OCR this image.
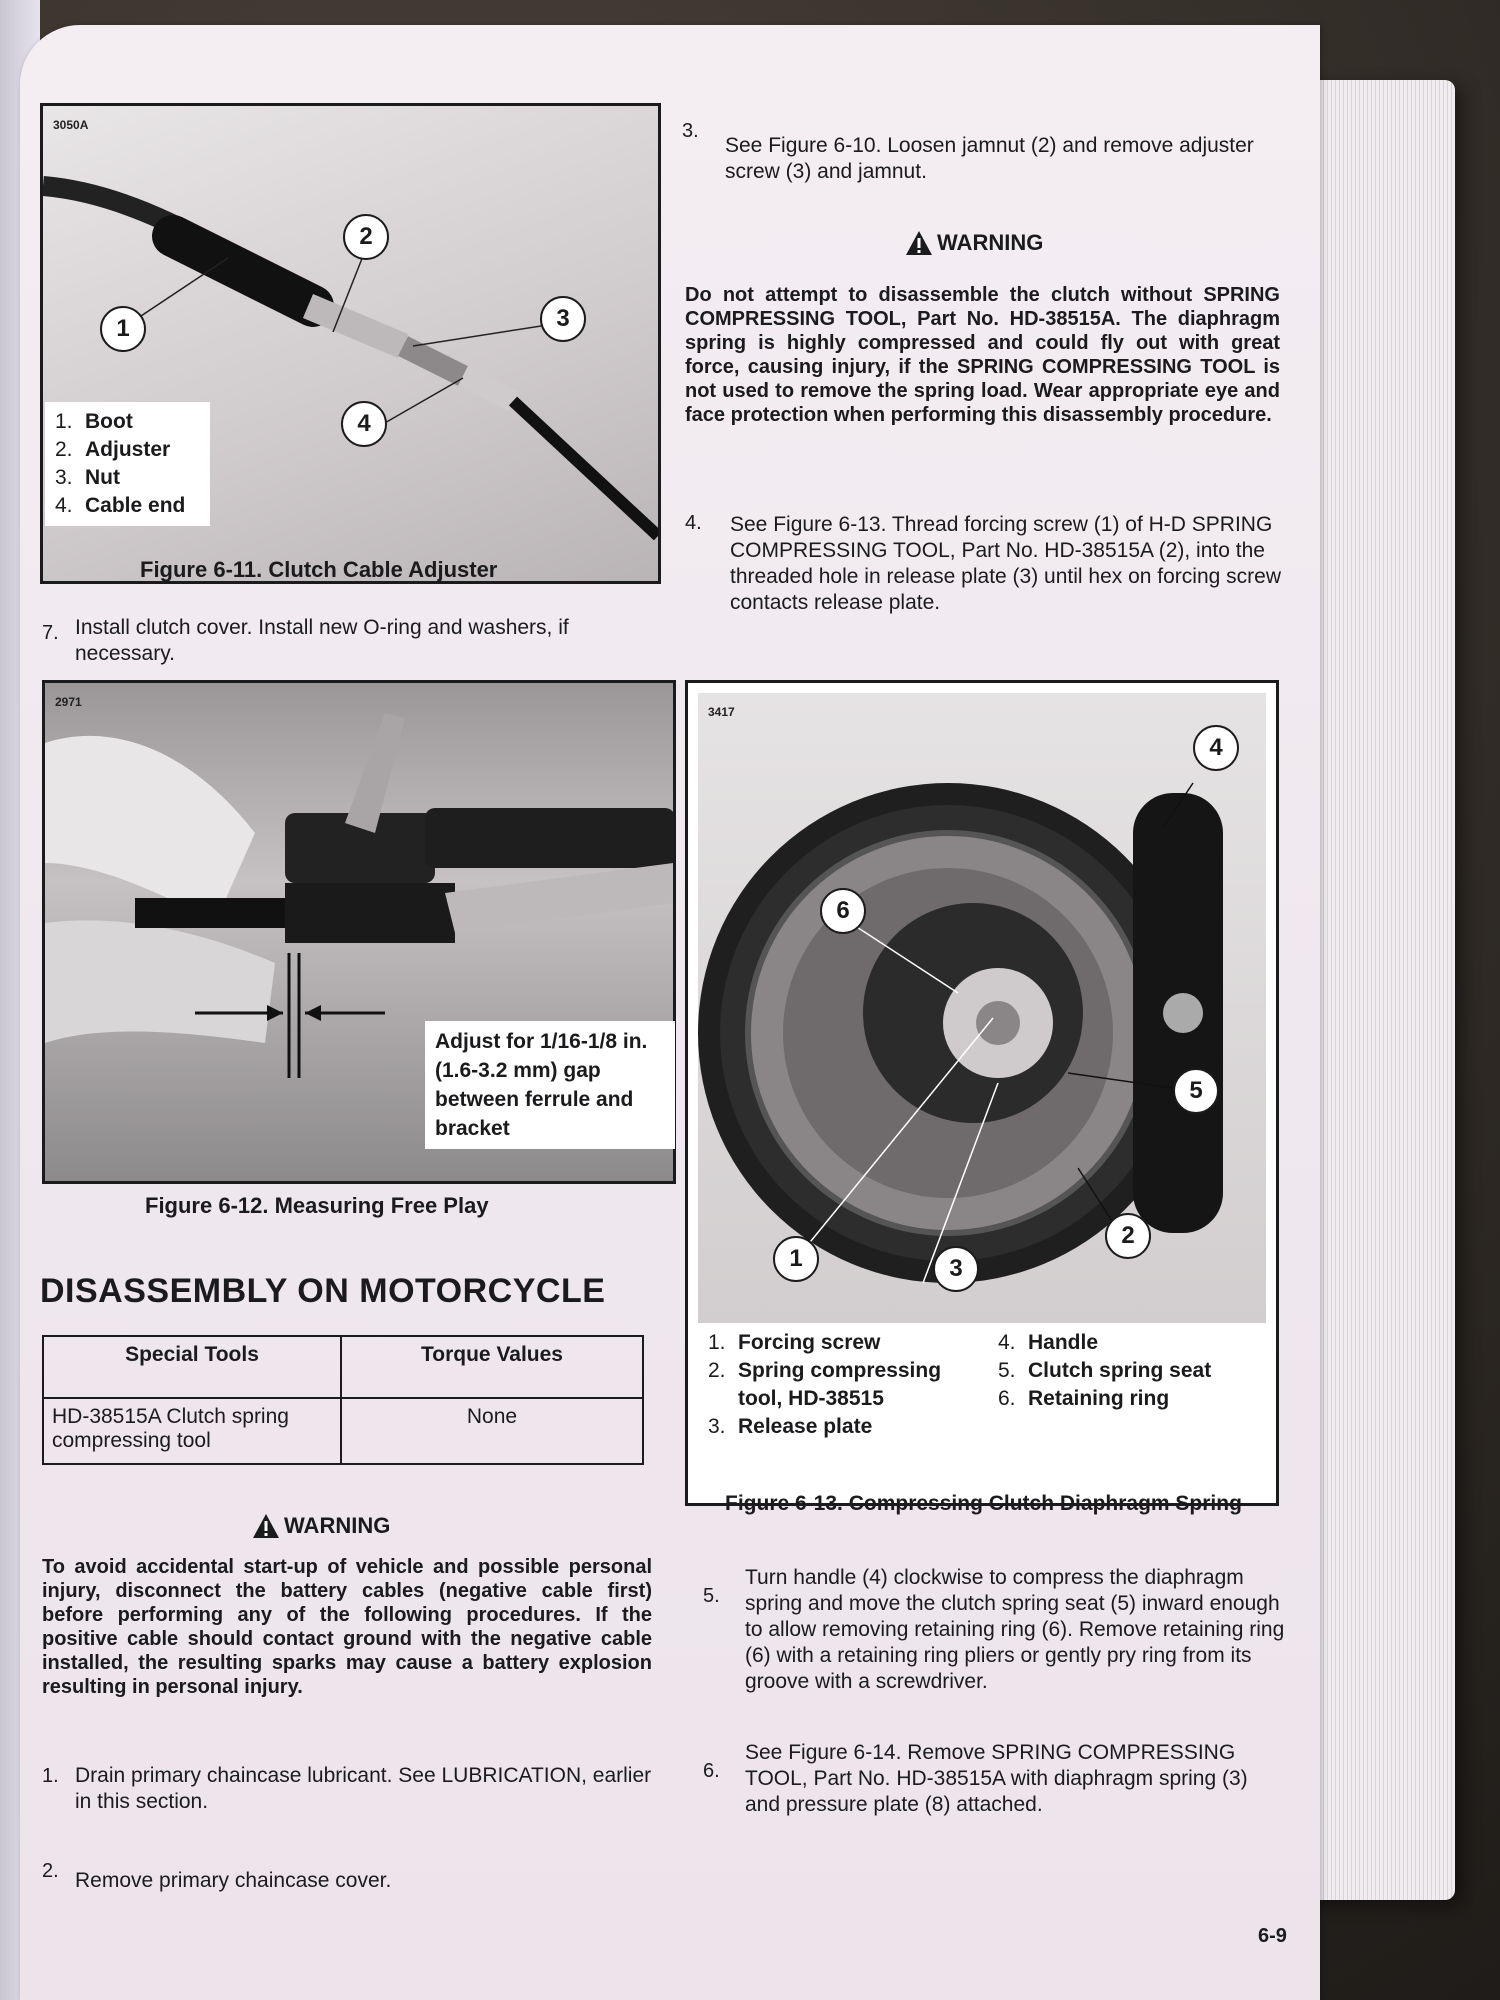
3050A
1
2
3
4
1. Boot
2. Adjuster
3. Nut
4. Cable end
Figure 6-11. Clutch Cable Adjuster
7. Install clutch cover. Install new O-ring and washers, if necessary.
2971
Adjust for 1/16-1/8 in. (1.6-3.2 mm) gap between ferrule and bracket
Figure 6-12. Measuring Free Play
DISASSEMBLY ON MOTORCYCLE
Special Tools	Torque Values
HD-38515A Clutch spring compressing tool	None
WARNING
To avoid accidental start-up of vehicle and possible personal injury, disconnect the battery cables (negative cable first) before performing any of the following procedures. If the positive cable should contact ground with the negative cable installed, the resulting sparks may cause a battery explosion resulting in personal injury.
1. Drain primary chaincase lubricant. See LUBRICATION, earlier in this section.
2. Remove primary chaincase cover.
3.
See Figure 6-10. Loosen jamnut (2) and remove adjuster screw (3) and jamnut.
WARNING
Do not attempt to disassemble the clutch without SPRING COMPRESSING TOOL, Part No. HD-38515A. The diaphragm spring is highly compressed and could fly out with great force, causing injury, if the SPRING COMPRESSING TOOL is not used to remove the spring load. Wear appropriate eye and face protection when performing this disassembly procedure.
4. See Figure 6-13. Thread forcing screw (1) of H-D SPRING COMPRESSING TOOL, Part No. HD-38515A (2), into the threaded hole in release plate (3) until hex on forcing screw contacts release plate.
3417
1
2
3
4
5
6
1. Forcing screw
2. Spring compressing tool, HD-38515
3. Release plate
4. Handle
5. Clutch spring seat
6. Retaining ring
Figure 6-13. Compressing Clutch Diaphragm Spring
5.
Turn handle (4) clockwise to compress the diaphragm spring and move the clutch spring seat (5) inward enough to allow removing retaining ring (6). Remove retaining ring (6) with a retaining ring pliers or gently pry ring from its groove with a screwdriver.
6.
See Figure 6-14. Remove SPRING COMPRESSING TOOL, Part No. HD-38515A with diaphragm spring (3) and pressure plate (8) attached.
6-9
